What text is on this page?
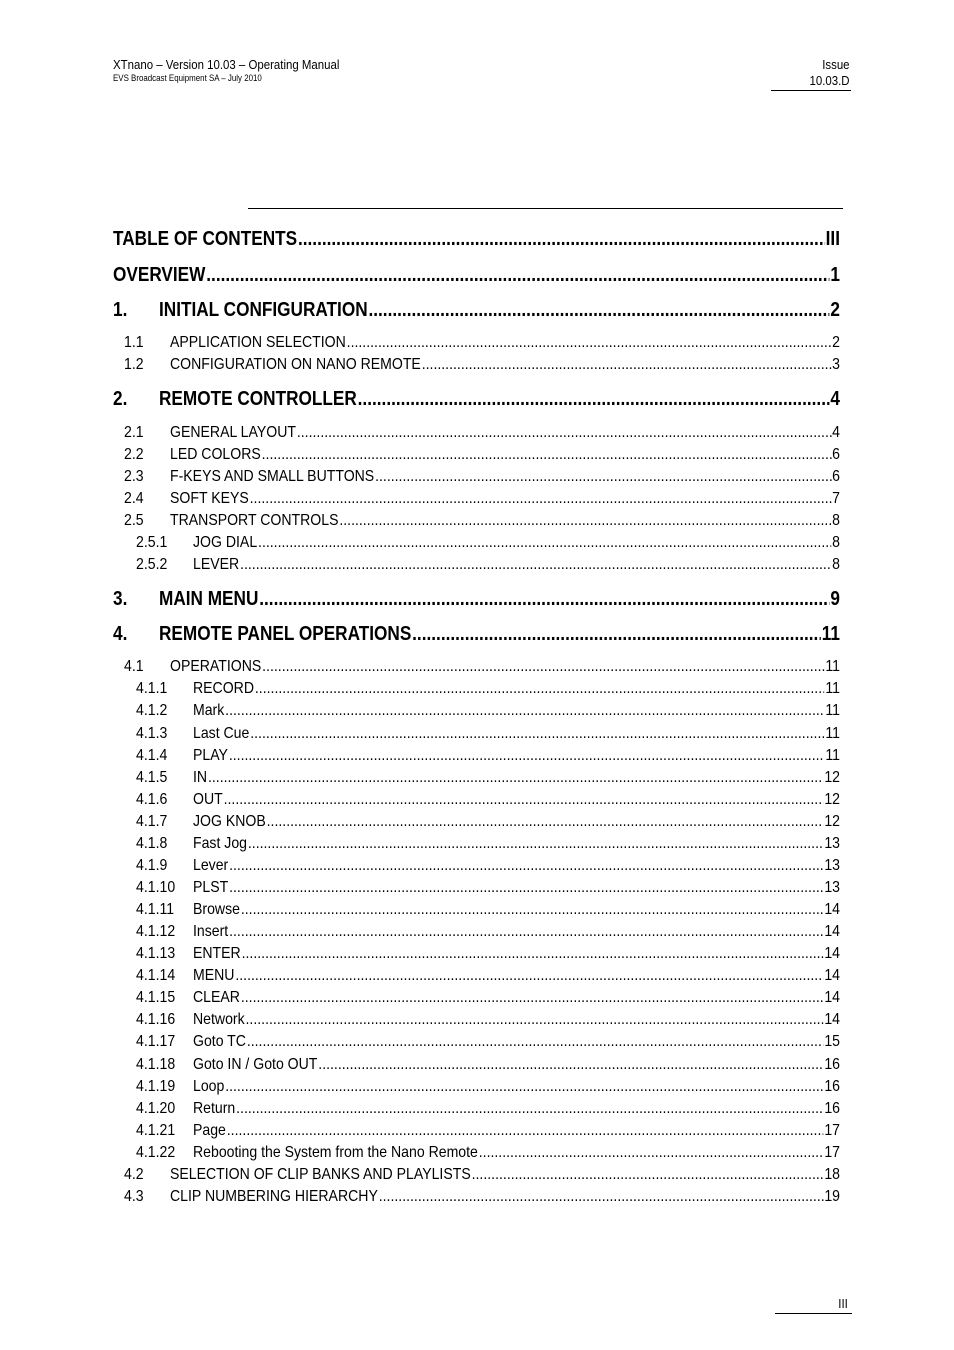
XTnano – Version 10.03 – Operating Manual
EVS Broadcast Equipment SA – July 2010
Issue
10.03.D
TABLE OF CONTENTS .....	III
OVERVIEW .....	1
1.	INITIAL CONFIGURATION .....	2
1.1	APPLICATION SELECTION .....	2
1.2	CONFIGURATION ON NANO REMOTE .....	3
2.	REMOTE CONTROLLER .....	4
2.1	GENERAL LAYOUT .....	4
2.2	LED COLORS .....	6
2.3	F-KEYS AND SMALL BUTTONS .....	6
2.4	SOFT KEYS .....	7
2.5	TRANSPORT CONTROLS .....	8
2.5.1	JOG DIAL .....	8
2.5.2	LEVER .....	8
3.	MAIN MENU .....	9
4.	REMOTE PANEL OPERATIONS .....	11
4.1	OPERATIONS .....	11
4.1.1	RECORD .....	11
4.1.2	Mark .....	11
4.1.3	Last Cue .....	11
4.1.4	PLAY .....	11
4.1.5	IN .....	12
4.1.6	OUT .....	12
4.1.7	JOG KNOB .....	12
4.1.8	Fast Jog .....	13
4.1.9	Lever .....	13
4.1.10	PLST .....	13
4.1.11	Browse .....	14
4.1.12	Insert .....	14
4.1.13	ENTER .....	14
4.1.14	MENU .....	14
4.1.15	CLEAR .....	14
4.1.16	Network .....	14
4.1.17	Goto TC .....	15
4.1.18	Goto IN / Goto OUT .....	16
4.1.19	Loop .....	16
4.1.20	Return .....	16
4.1.21	Page .....	17
4.1.22	Rebooting the System from the Nano Remote .....	17
4.2	SELECTION OF CLIP BANKS AND PLAYLISTS .....	18
4.3	CLIP NUMBERING HIERARCHY .....	19
III
